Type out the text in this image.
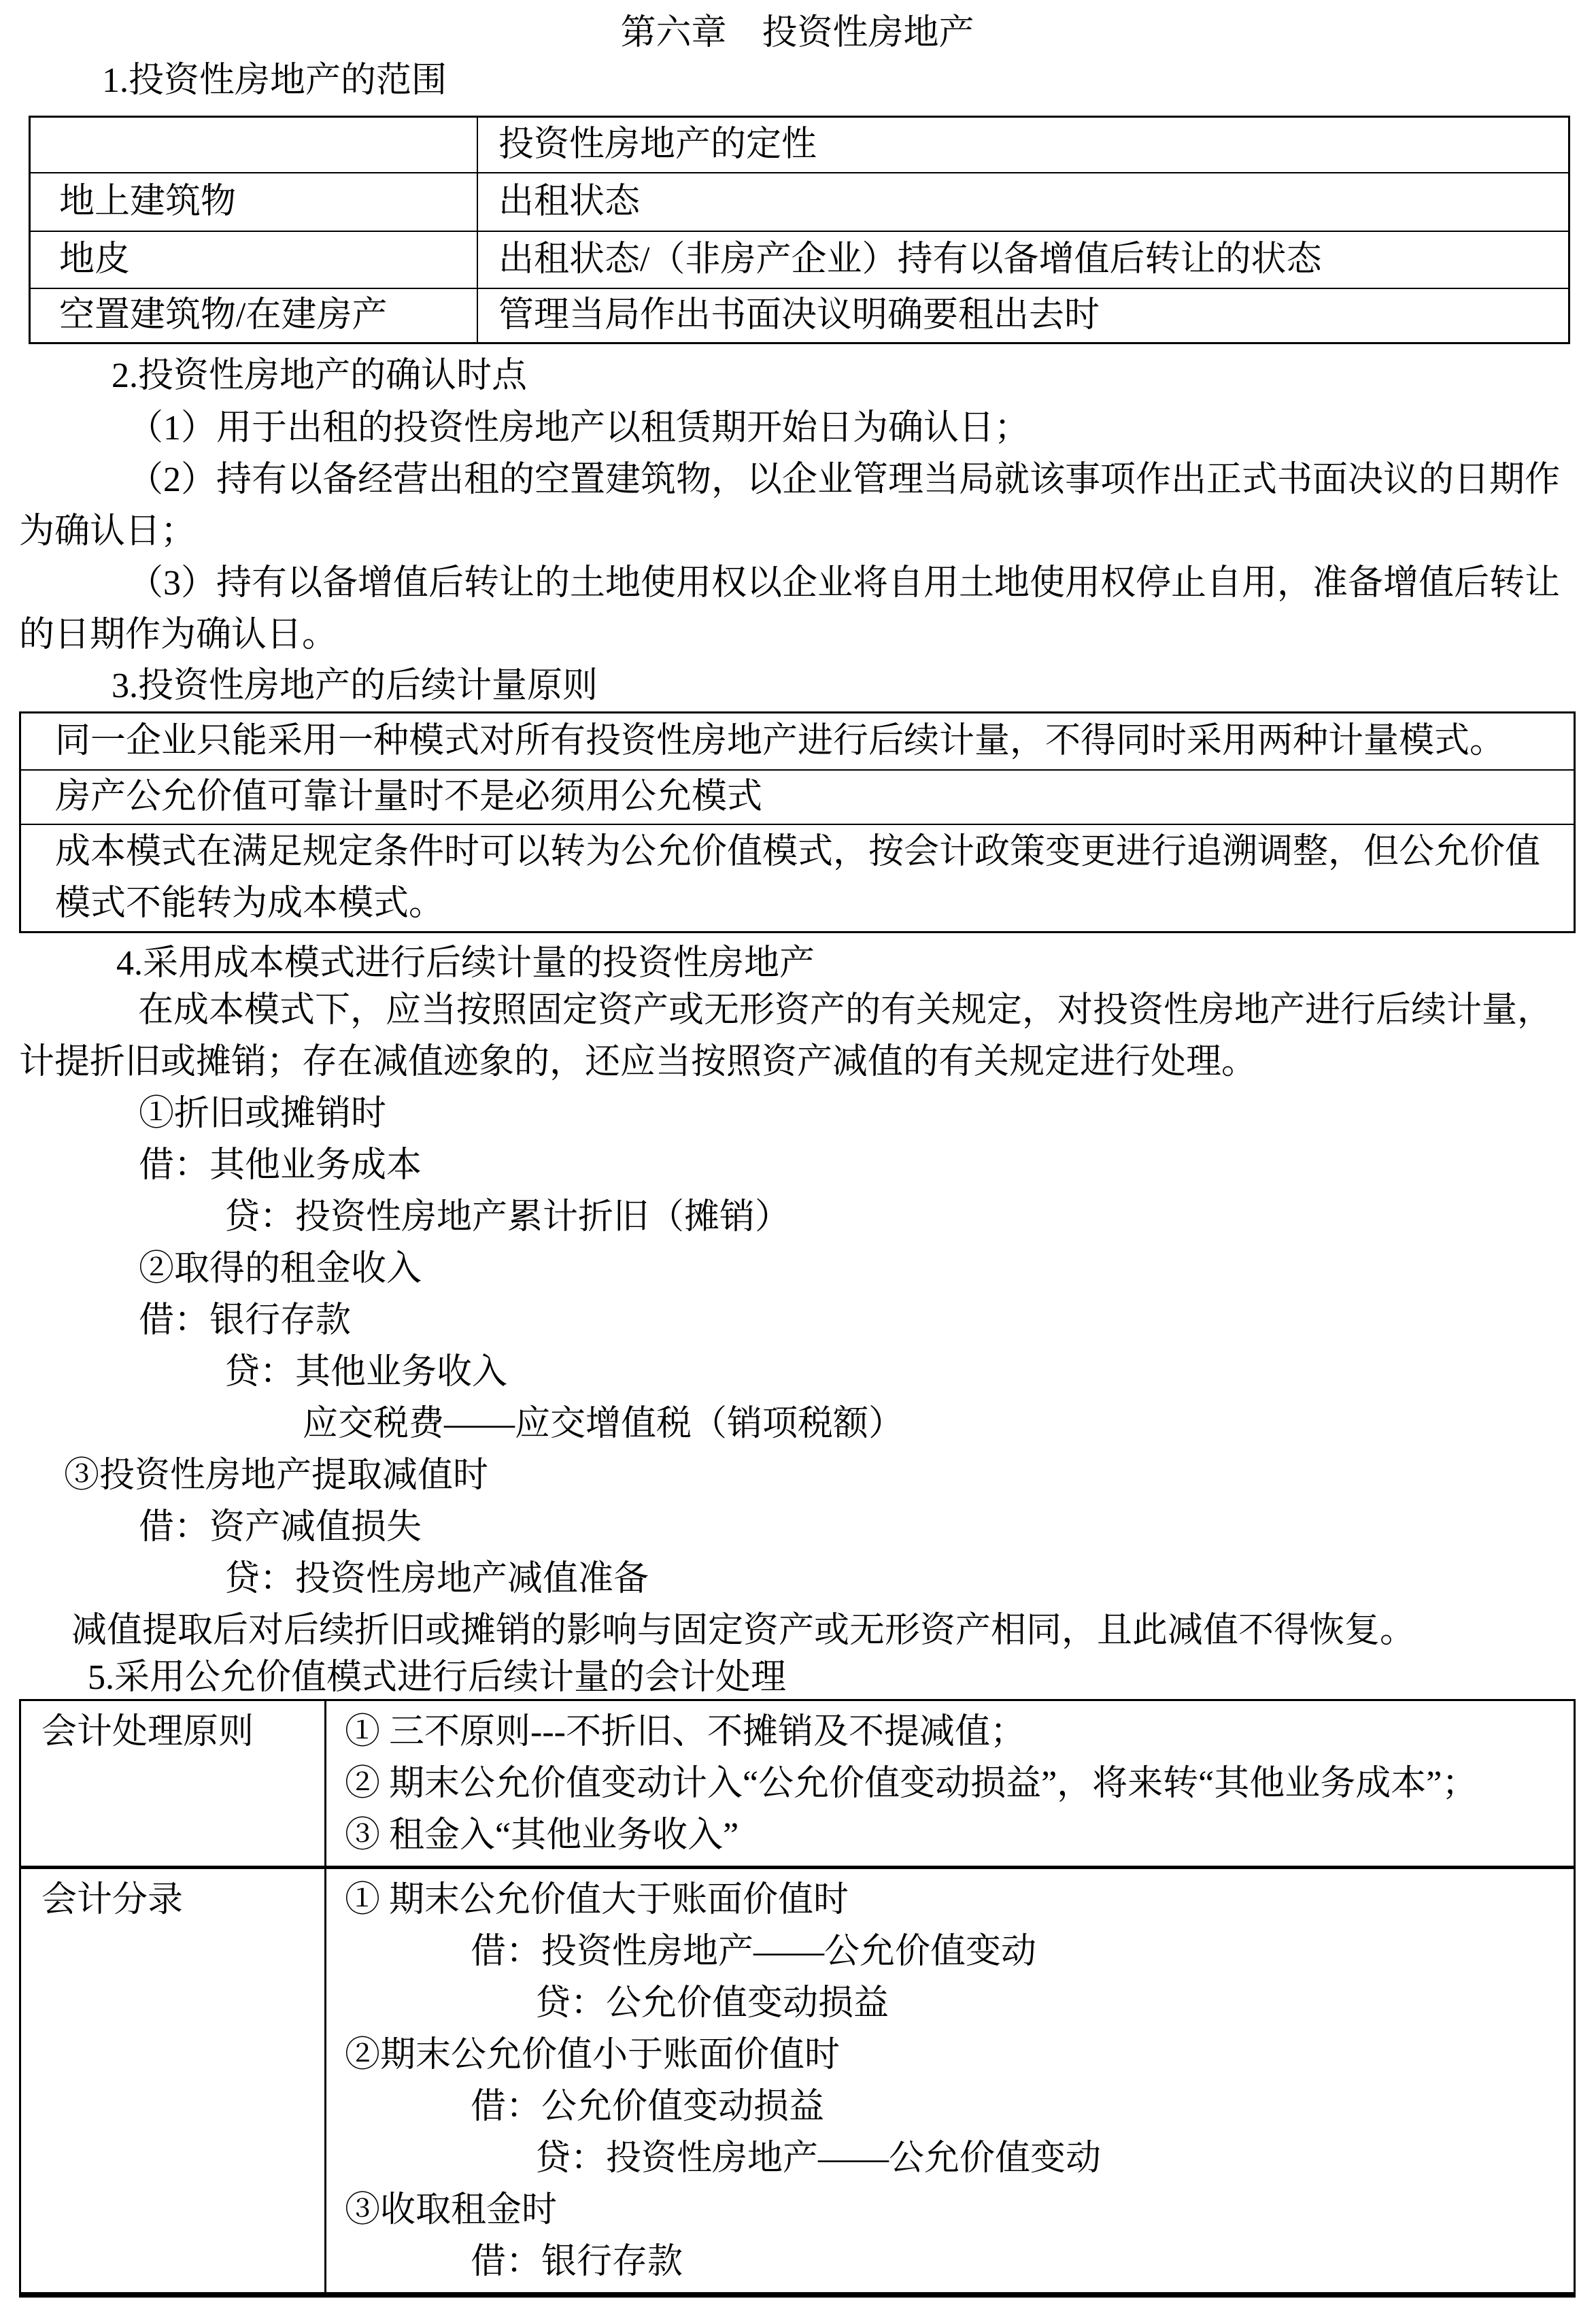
第六章　投资性房地产
1.投资性房地产的范围
	投资性房地产的定性
地上建筑物	出租状态
地皮	出租状态/（非房产企业）持有以备增值后转让的状态
空置建筑物/在建房产	管理当局作出书面决议明确要租出去时
2.投资性房地产的确认时点

（1）用于出租的投资性房地产以租赁期开始日为确认日；

（2）持有以备经营出租的空置建筑物，以企业管理当局就该事项作出正式书面决议的日期作为确认日；

（3）持有以备增值后转让的土地使用权以企业将自用土地使用权停止自用，准备增值后转让的日期作为确认日。

3.投资性房地产的后续计量原则
同一企业只能采用一种模式对所有投资性房地产进行后续计量，不得同时采用两种计量模式。
房产公允价值可靠计量时不是必须用公允模式
成本模式在满足规定条件时可以转为公允价值模式，按会计政策变更进行追溯调整，但公允价值模式不能转为成本模式。
4.采用成本模式进行后续计量的投资性房地产

在成本模式下，应当按照固定资产或无形资产的有关规定，对投资性房地产进行后续计量，计提折旧或摊销；存在减值迹象的，还应当按照资产减值的有关规定进行处理。

①折旧或摊销时
借：其他业务成本
贷：投资性房地产累计折旧（摊销）
②取得的租金收入
借：银行存款
贷：其他业务收入
应交税费——应交增值税（销项税额）
③投资性房地产提取减值时
借：资产减值损失
贷：投资性房地产减值准备

减值提取后对后续折旧或摊销的影响与固定资产或无形资产相同，且此减值不得恢复。

5.采用公允价值模式进行后续计量的会计处理
会计处理原则	① 三不原则---不折旧、不摊销及不提减值；
② 期末公允价值变动计入“公允价值变动损益”，将来转“其他业务成本”；
③ 租金入“其他业务收入”

会计分录	① 期末公允价值大于账面价值时
借：投资性房地产——公允价值变动
贷：公允价值变动损益
②期末公允价值小于账面价值时
借：公允价值变动损益
贷：投资性房地产——公允价值变动
③收取租金时
借：银行存款
